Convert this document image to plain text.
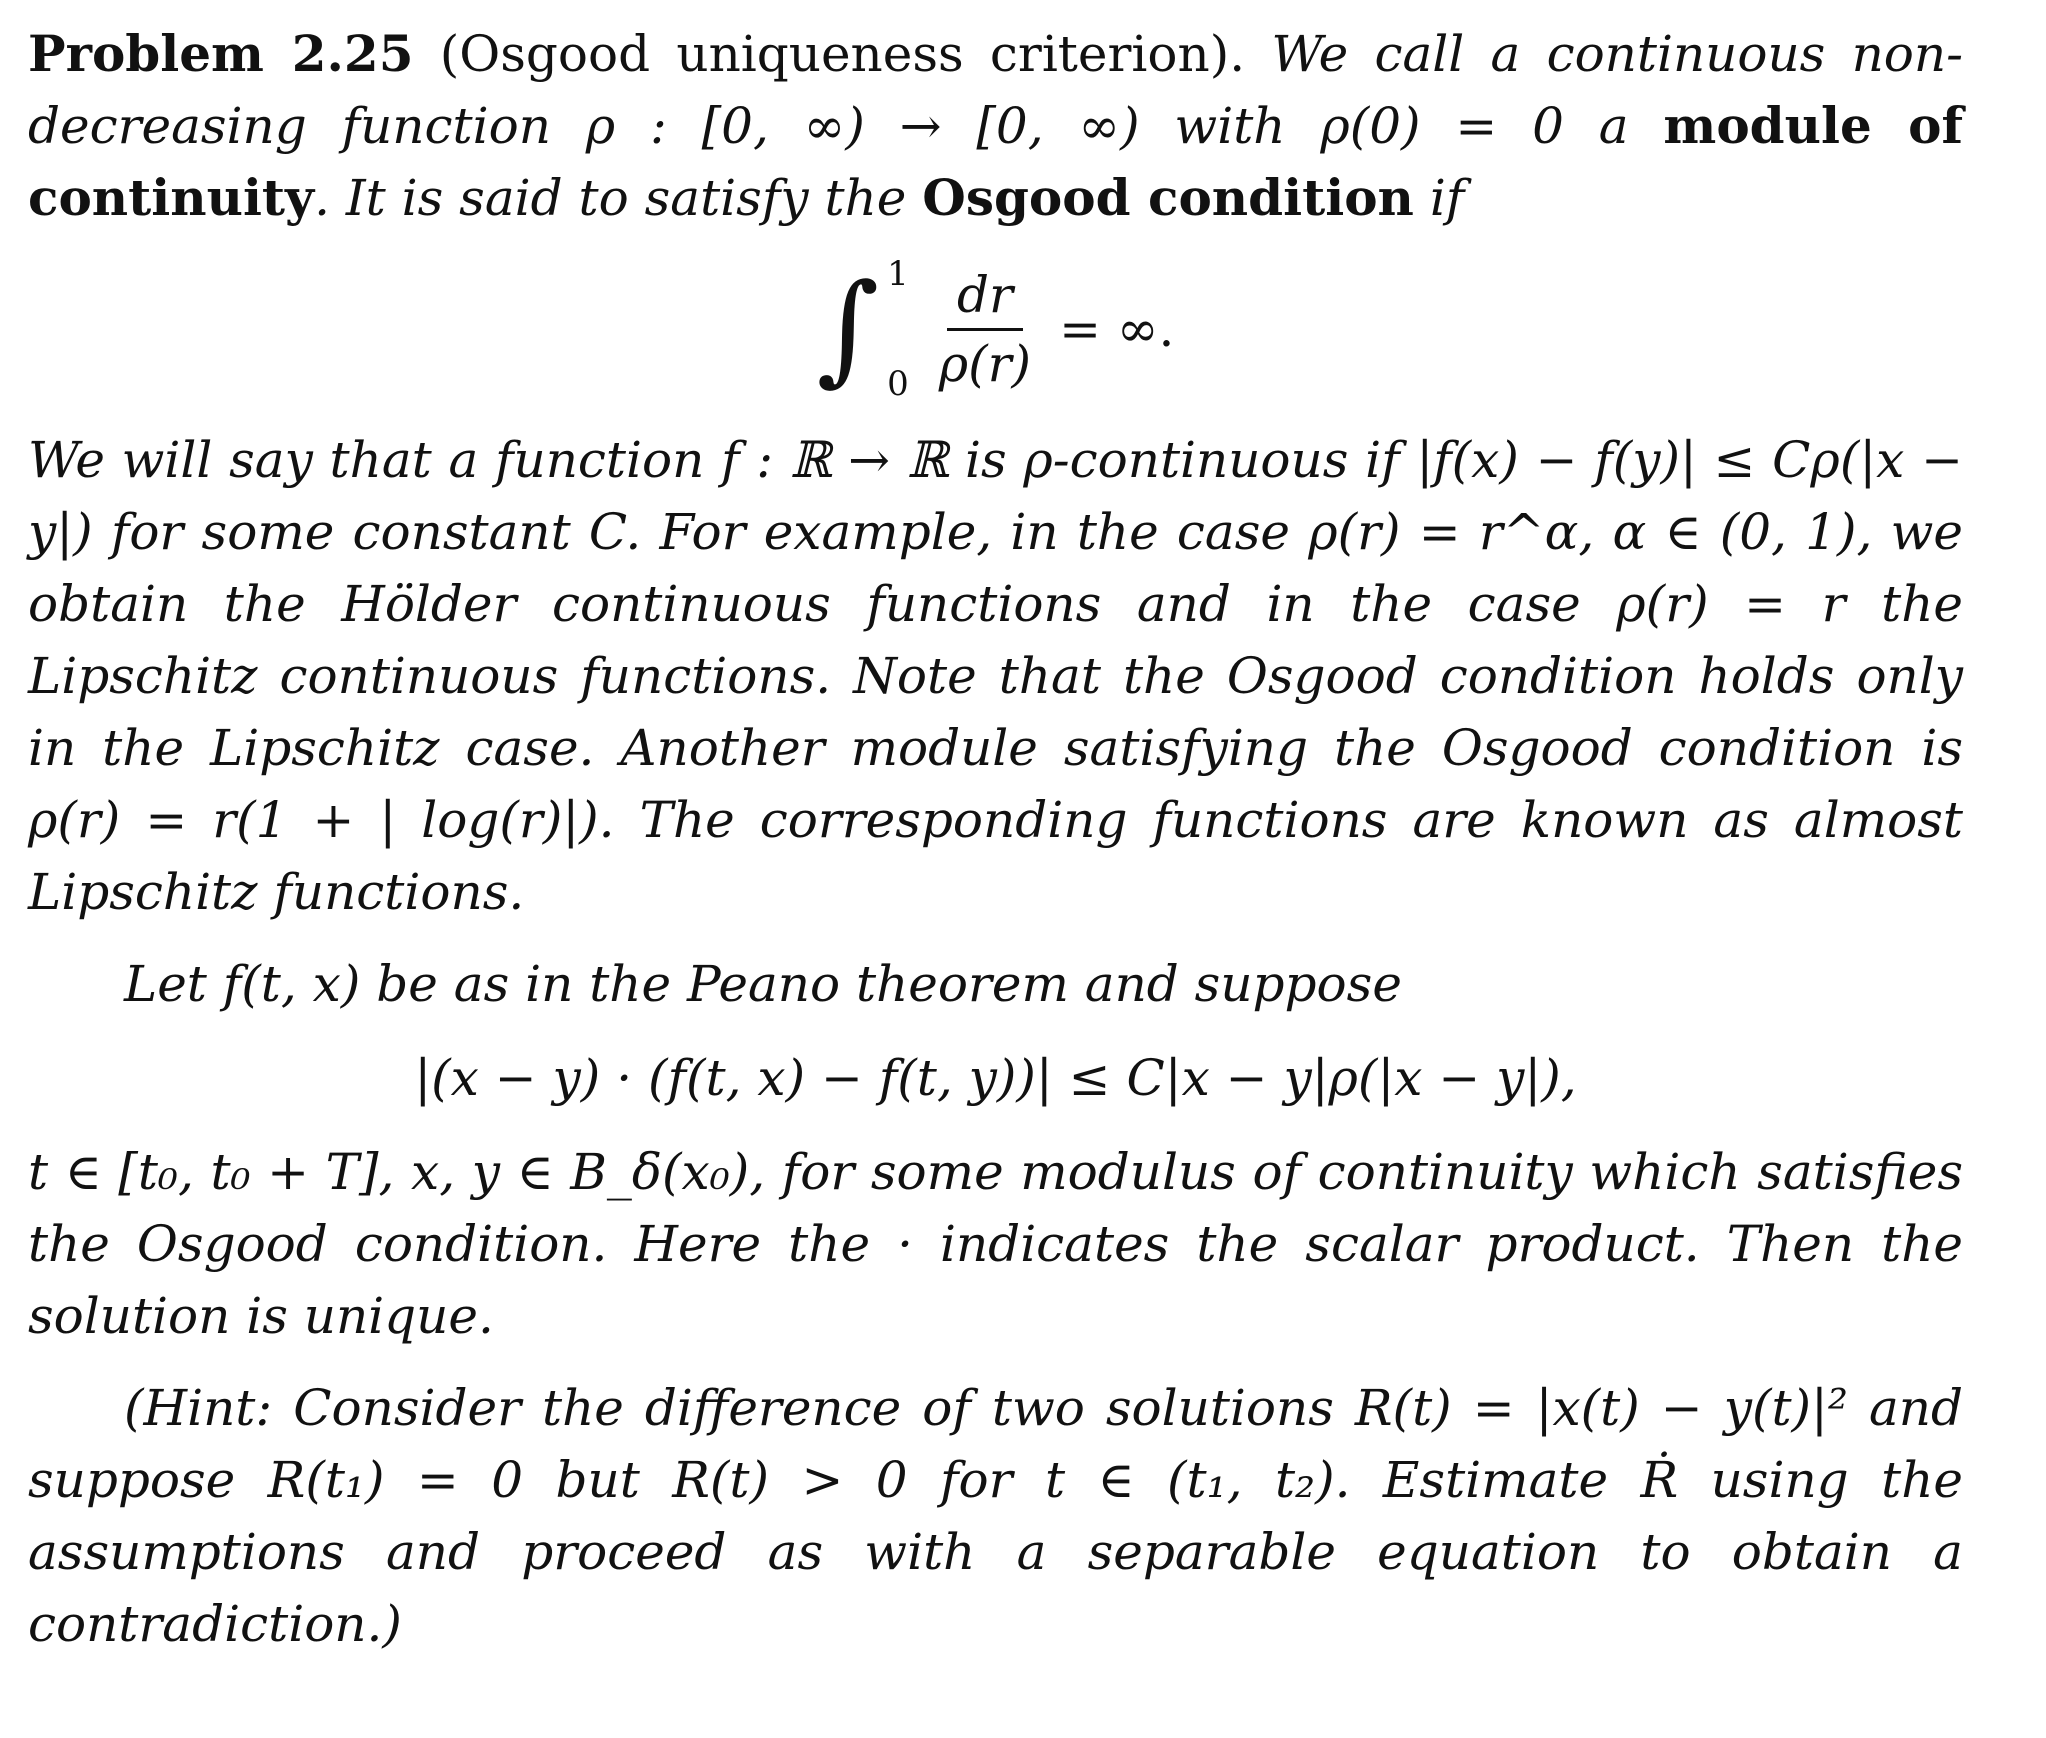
Problem 2.25 (Osgood uniqueness criterion). We call a continuous non-decreasing function ρ : [0, ∞) → [0, ∞) with ρ(0) = 0 a module of continuity. It is said to satisfy the Osgood condition if

∫ 1
$0 \frac{dr}{\rho(r)}$ = ∞.

We will say that a function f : ℝ → ℝ is ρ-continuous if |f(x) − f(y)| ≤ Cρ(|x − y|) for some constant C. For example, in the case ρ(r) = r^α, α ∈ (0, 1), we obtain the Hölder continuous functions and in the case ρ(r) = r the Lipschitz continuous functions. Note that the Osgood condition holds only in the Lipschitz case. Another module satisfying the Osgood condition is ρ(r) = r(1 + | log(r)|). The corresponding functions are known as almost Lipschitz functions.

Let f(t, x) be as in the Peano theorem and suppose

|(x − y) · (f(t, x) − f(t, y))| ≤ C|x − y|ρ(|x − y|),

t ∈ [t₀, t₀ + T], x, y ∈ B_δ(x₀), for some modulus of continuity which satisfies the Osgood condition. Here the · indicates the scalar product. Then the solution is unique.

(Hint: Consider the difference of two solutions R(t) = |x(t) − y(t)|² and suppose R(t₁) = 0 but R(t) > 0 for t ∈ (t₁, t₂). Estimate Ṙ using the assumptions and proceed as with a separable equation to obtain a contradiction.)
